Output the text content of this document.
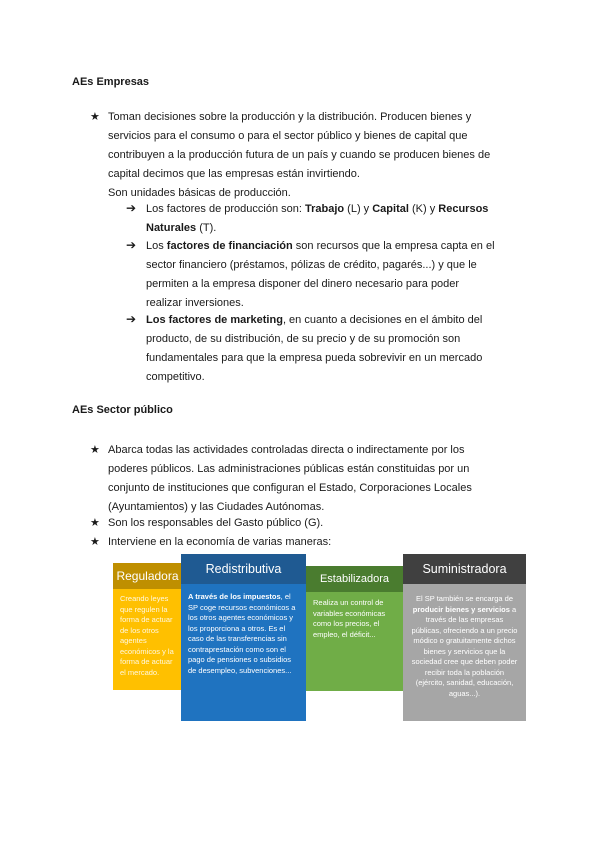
AEs Empresas
★ Toman decisiones sobre la producción y la distribución. Producen bienes y
servicios para el consumo o para el sector público y bienes de capital que
contribuyen a la producción futura de un país y cuando se producen bienes de
capital decimos que las empresas están invirtiendo.
Son unidades básicas de producción.
➔ Los factores de producción son: Trabajo (L) y Capital (K) y Recursos
Naturales (T).
➔ Los factores de financiación son recursos que la empresa capta en el
sector financiero (préstamos, pólizas de crédito, pagarés...) y que le
permiten a la empresa disponer del dinero necesario para poder
realizar inversiones.
➔ Los factores de marketing, en cuanto a decisiones en el ámbito del
producto, de su distribución, de su precio y de su promoción son
fundamentales para que la empresa pueda sobrevivir en un mercado
competitivo.
AEs Sector público
★ Abarca todas las actividades controladas directa o indirectamente por los
poderes públicos. Las administraciones públicas están constituidas por un
conjunto de instituciones que configuran el Estado, Corporaciones Locales
(Ayuntamientos) y las Ciudades Autónomas.
★ Son los responsables del Gasto público (G).
★ Interviene en la economía de varias maneras:
Reguladora
Creando leyes que regulen la forma de actuar de los otros agentes económicos y la forma de actuar el mercado.
Redistributiva
A través de los impuestos, el SP coge recursos económicos a los otros agentes económicos y los proporciona a otros. Es el caso de las transferencias sin contraprestación como son el pago de pensiones o subsidios de desempleo, subvenciones...
Estabilizadora
Realiza un control de variables económicas como los precios, el empleo, el déficit...
Suministradora
El SP también se encarga de producir bienes y servicios a través de las empresas públicas, ofreciendo a un precio módico o gratuitamente dichos bienes y servicios que la sociedad cree que deben poder recibir toda la población (ejército, sanidad, educación, aguas...).
